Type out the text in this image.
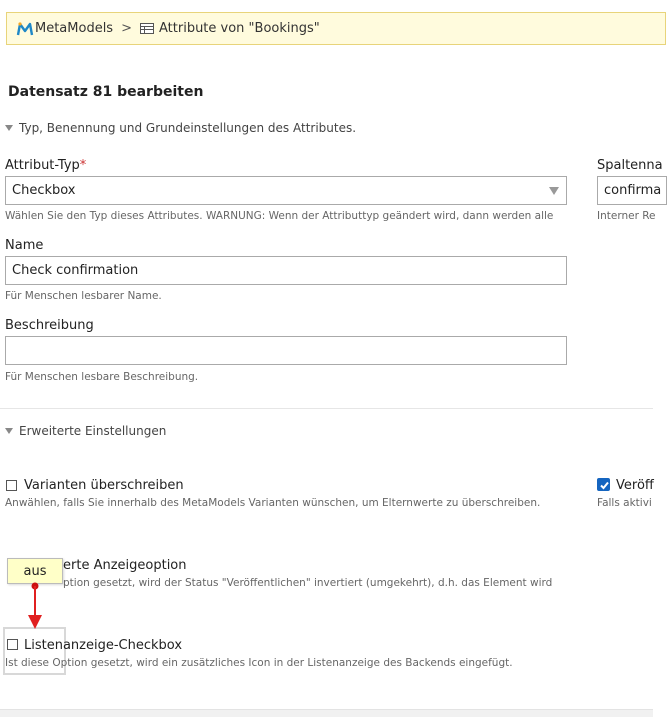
MetaModels > Attribute von "Bookings"
Datensatz 81 bearbeiten
Typ, Benennung und Grundeinstellungen des Attributes.
Attribut-Typ*
Checkbox
Wählen Sie den Typ dieses Attributes. WARNUNG: Wenn der Attributtyp geändert wird, dann werden alle
Spaltenna
confirma
Interner Re
Name
Check confirmation
Für Menschen lesbarer Name.
Beschreibung
Für Menschen lesbare Beschreibung.
Erweiterte Einstellungen
Varianten überschreiben
Anwählen, falls Sie innerhalb des MetaModels Varianten wünschen, um Elternwerte zu überschreiben.
Veröff
Falls aktivi
erte Anzeigeoption
ption gesetzt, wird der Status "Veröffentlichen" invertiert (umgekehrt), d.h. das Element wird
Listenanzeige-Checkbox
Ist diese Option gesetzt, wird ein zusätzliches Icon in der Listenanzeige des Backends eingefügt.
aus
